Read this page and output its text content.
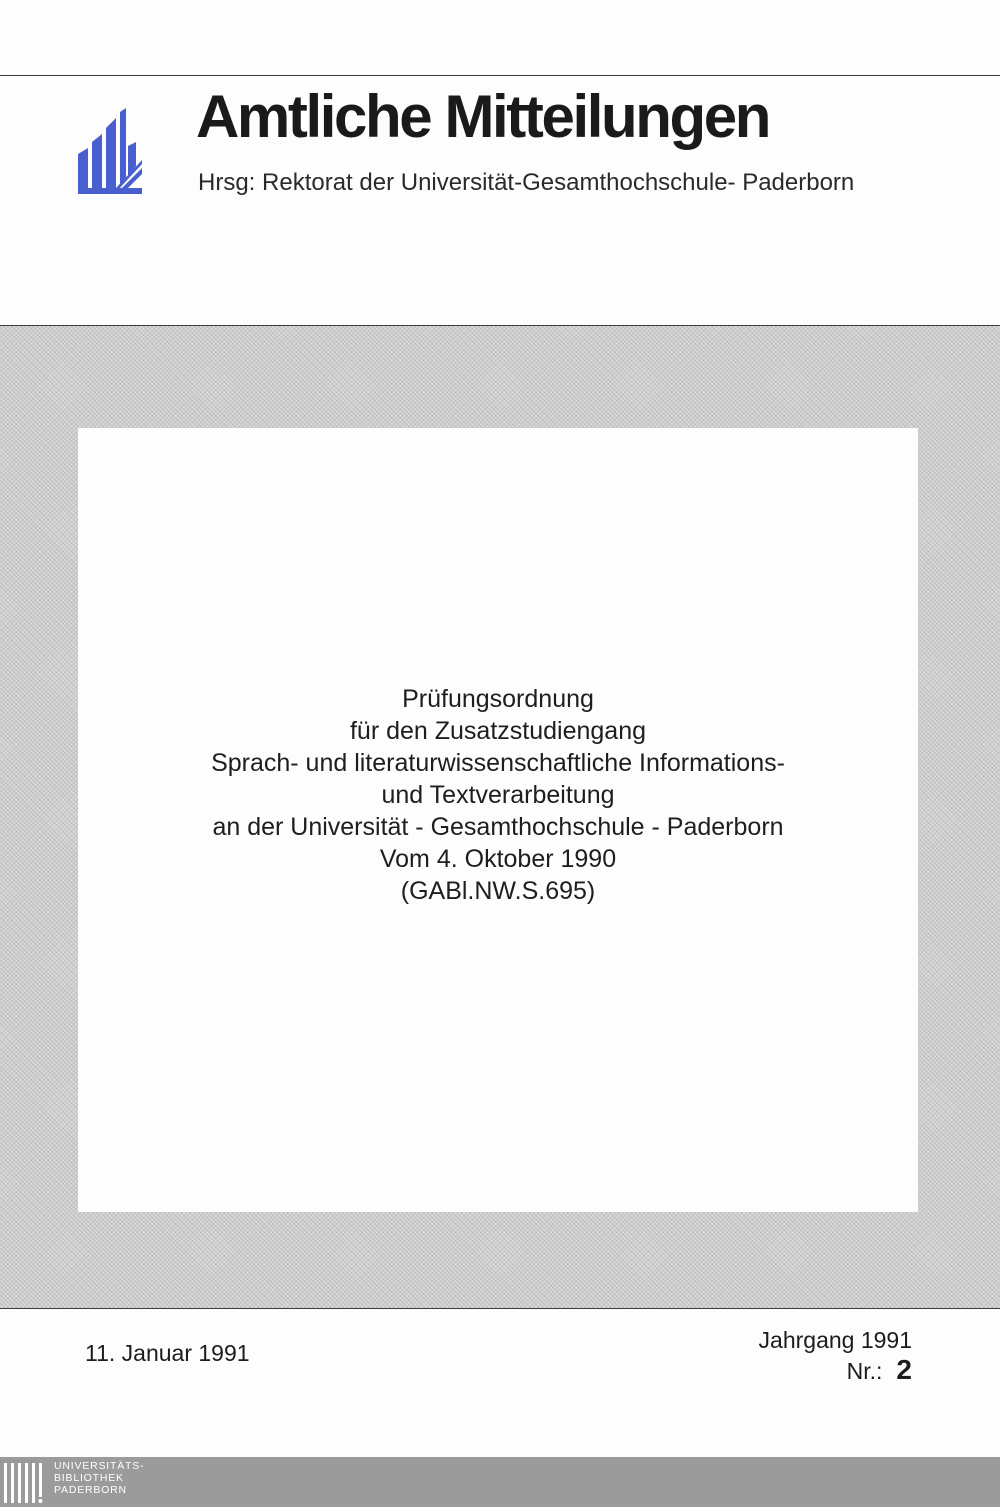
Amtliche Mitteilungen
Hrsg: Rektorat der Universität-Gesamthochschule- Paderborn
Prüfungsordnung
für den Zusatzstudiengang
Sprach- und literaturwissenschaftliche Informations-
und Textverarbeitung
an der Universität - Gesamthochschule - Paderborn
Vom 4. Oktober 1990
(GABl.NW.S.695)
11. Januar 1991	Jahrgang 1991
Nr.: 2
UNIVERSITÄTS-
BIBLIOTHEK
PADERBORN
